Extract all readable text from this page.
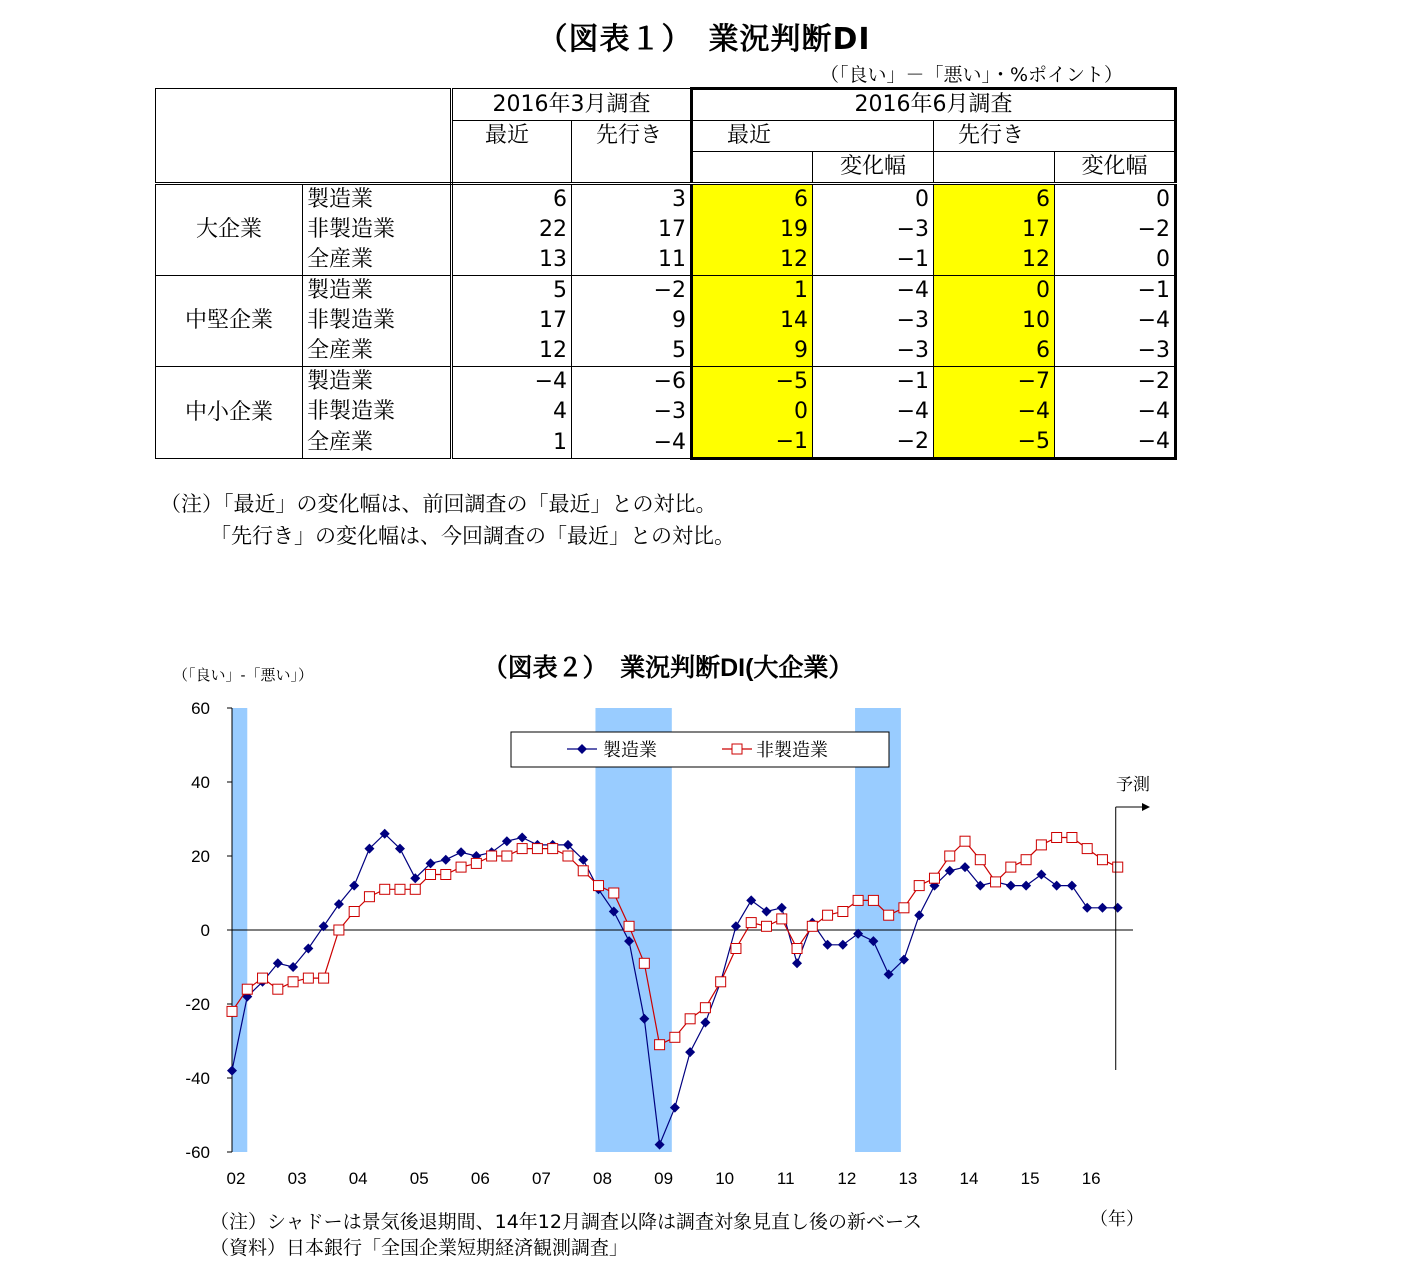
（図表１）　業況判断DI
（「良い」－「悪い」・%ポイント）
		2016年3月調査		2016年6月調査			
		最近	先行き	最近		先行き	
					変化幅		変化幅
大企業	製造業	6	3	6	0	6	0
	非製造業	22	17	19	−3	17	−2
	全産業	13	11	12	−1	12	0
中堅企業	製造業	5	−2	1	−4	0	−1
	非製造業	17	9	14	−3	10	−4
	全産業	12	5	9	−3	6	−3
中小企業	製造業	−4	−6	−5	−1	−7	−2
	非製造業	4	−3	0	−4	−4	−4
	全産業	1	−4	−1	−2	−5	−4
（注）「最近」の変化幅は、前回調査の「最近」との対比。
「先行き」の変化幅は、今回調査の「最近」との対比。
（図表２）　業況判断DI(大企業）
（「良い」-「悪い」）
60
40
20
0
-20
-40
-60
02 03 04 05 06 07 08 09 10	11	12 13 14 15 16
製造業	非製造業
予測
（年）
（注）シャドーは景気後退期間、14年12月調査以降は調査対象見直し後の新ベース
（資料）日本銀行「全国企業短期経済観測調査」
